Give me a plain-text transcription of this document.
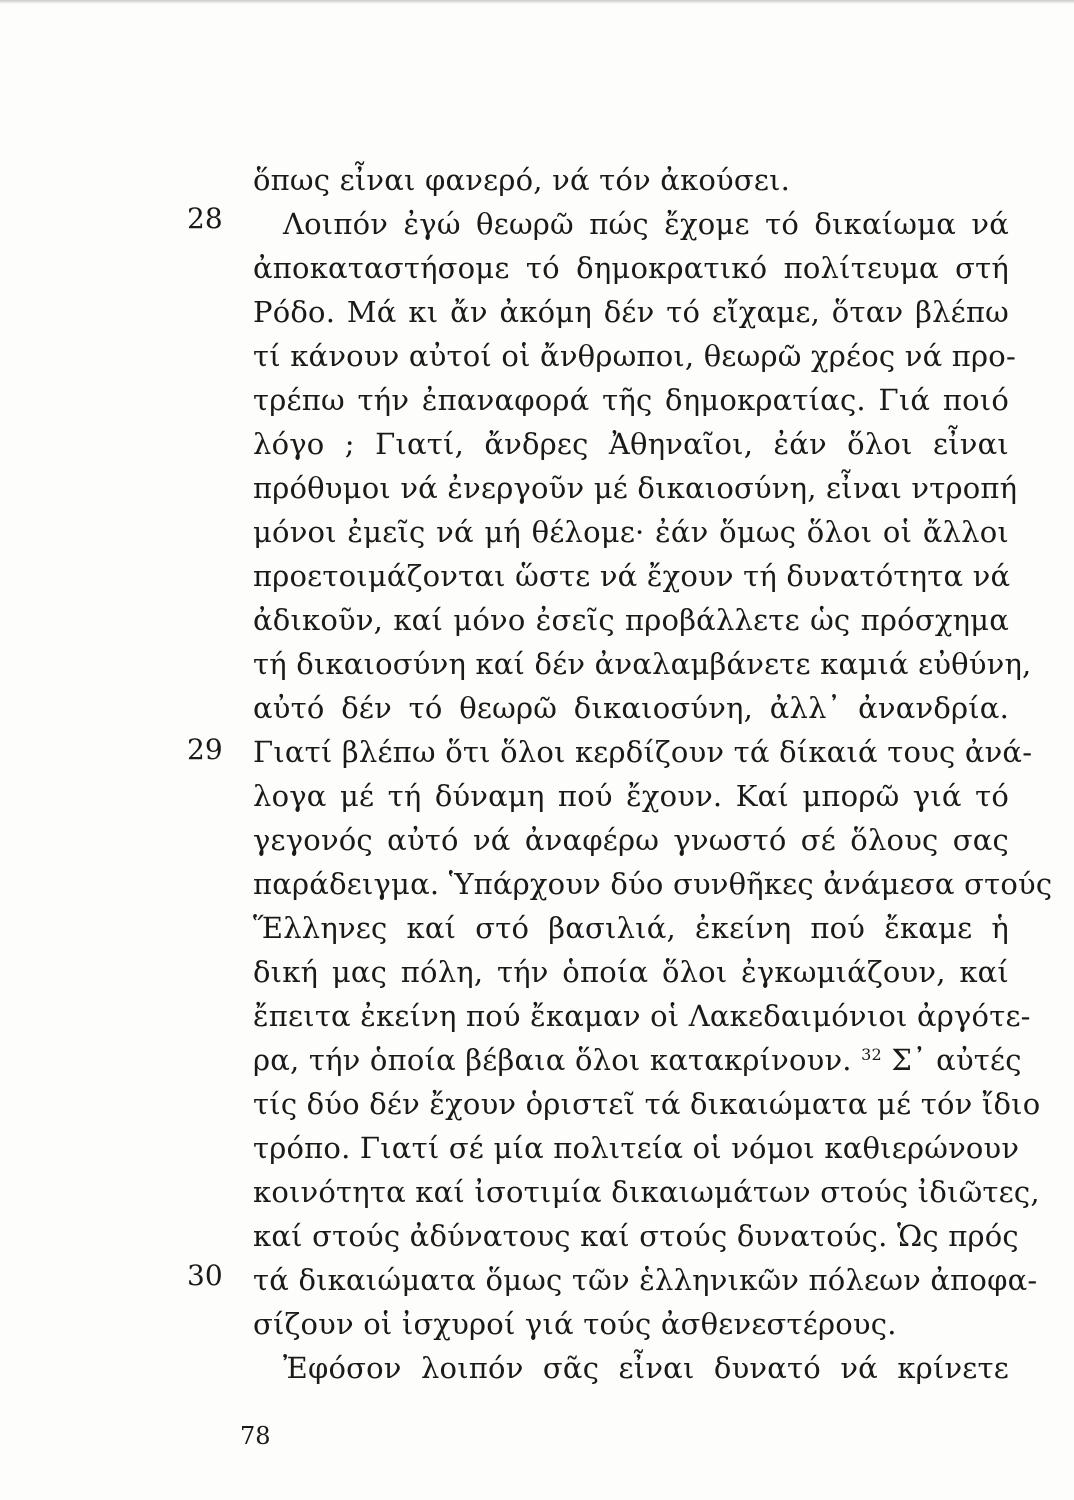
28
29
30
ὅπως εἶναι φανερό, νά τόν ἀκούσει.
Λοιπόν ἐγώ θεωρῶ πώς ἔχομε τό δικαίωμα νά
ἀποκαταστήσομε τό δημοκρατικό πολίτευμα στή
Ρόδο. Μά κι ἄν ἀκόμη δέν τό εἴχαμε, ὅταν βλέπω
τί κάνουν αὐτοί οἱ ἄνθρωποι, θεωρῶ χρέος νά προ-
τρέπω τήν ἐπαναφορά τῆς δημοκρατίας. Γιά ποιό
λόγο ; Γιατί, ἄνδρες Ἀθηναῖοι, ἐάν ὅλοι εἶναι
πρόθυμοι νά ἐνεργοῦν μέ δικαιοσύνη, εἶναι ντροπή
μόνοι ἐμεῖς νά μή θέλομε· ἐάν ὅμως ὅλοι οἱ ἄλλοι
προετοιμάζονται ὥστε νά ἔχουν τή δυνατότητα νά
ἀδικοῦν, καί μόνο ἐσεῖς προβάλλετε ὡς πρόσχημα
τή δικαιοσύνη καί δέν ἀναλαμβάνετε καμιά εὐθύνη,
αὐτό δέν τό θεωρῶ δικαιοσύνη, ἀλλ᾿ ἀνανδρία.
Γιατί βλέπω ὅτι ὅλοι κερδίζουν τά δίκαιά τους ἀνά-
λογα μέ τή δύναμη πού ἔχουν. Καί μπορῶ γιά τό
γεγονός αὐτό νά ἀναφέρω γνωστό σέ ὅλους σας
παράδειγμα. Ὑπάρχουν δύο συνθῆκες ἀνάμεσα στούς
Ἕλληνες καί στό βασιλιά, ἐκείνη πού ἔκαμε ἡ
δική μας πόλη, τήν ὁποία ὅλοι ἐγκωμιάζουν, καί
ἔπειτα ἐκείνη πού ἔκαμαν οἱ Λακεδαιμόνιοι ἀργότε-
ρα, τήν ὁποία βέβαια ὅλοι κατακρίνουν. $^{32}$ Σ᾿ αὐτές
τίς δύο δέν ἔχουν ὁριστεῖ τά δικαιώματα μέ τόν ἴδιο
τρόπο. Γιατί σέ μία πολιτεία οἱ νόμοι καθιερώνουν
κοινότητα καί ἰσοτιμία δικαιωμάτων στούς ἰδιῶτες,
καί στούς ἀδύνατους καί στούς δυνατούς. Ὡς πρός
τά δικαιώματα ὅμως τῶν ἑλληνικῶν πόλεων ἀποφα-
σίζουν οἱ ἰσχυροί γιά τούς ἀσθενεστέρους.
Ἐφόσον λοιπόν σᾶς εἶναι δυνατό νά κρίνετε
78
